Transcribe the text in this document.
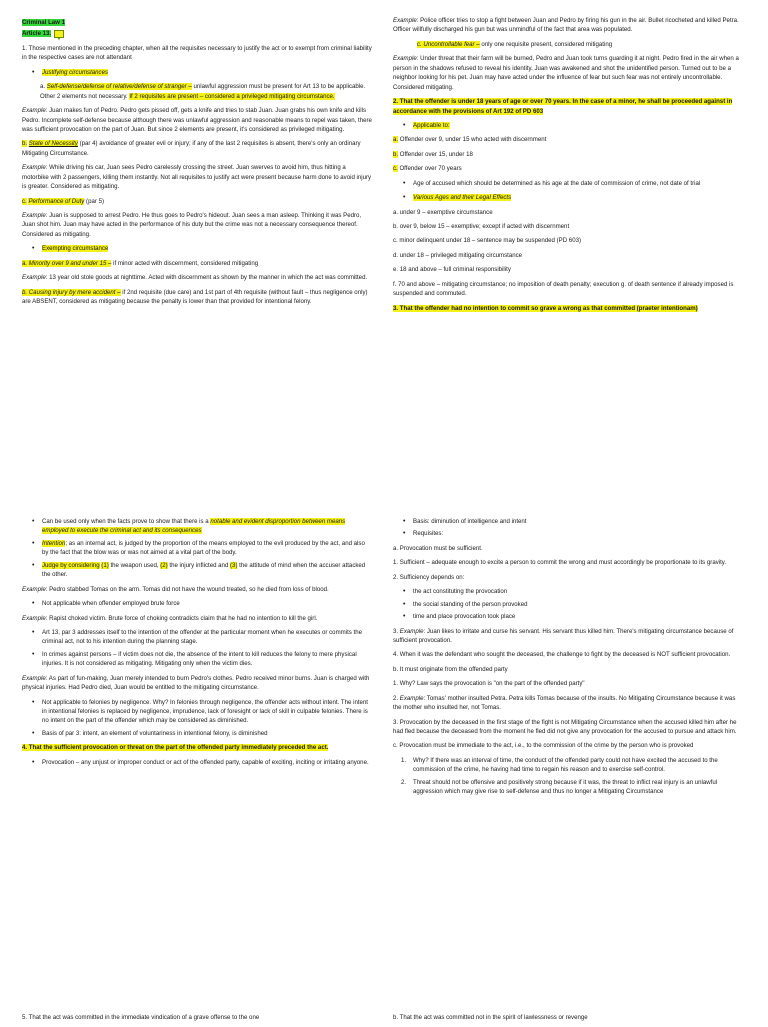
Criminal Law 1

Article 13.

1. Those mentioned in the preceding chapter, when all the requisites necessary to justify the act or to exempt from criminal liability in the respective cases are not attendant

• Justifying circumstances

a. Self-defense/defense of relative/defense of stranger – unlawful aggression must be present for Art 13 to be applicable. Other 2 elements not necessary. If 2 requisites are present – considered a privileged mitigating circumstance.

Example: Juan makes fun of Pedro. Pedro gets pissed off, gets a knife and tries to stab Juan. Juan grabs his own knife and kills Pedro. Incomplete self-defense because although there was unlawful aggression and reasonable means to repel was taken, there was sufficient provocation on the part of Juan. But since 2 elements are present, it's considered as privileged mitigating.

b. State of Necessity (par 4) avoidance of greater evil or injury; if any of the last 2 requisites is absent, there's only an ordinary Mitigating Circumstance.

Example: While driving his car, Juan sees Pedro carelessly crossing the street. Juan swerves to avoid him, thus hitting a motorbike with 2 passengers, killing them instantly. Not all requisites to justify act were present because harm done to avoid injury is greater. Considered as mitigating.

c. Performance of Duty (par 5)

Example: Juan is supposed to arrest Pedro. He thus goes to Pedro's hideout. Juan sees a man asleep. Thinking it was Pedro, Juan shot him. Juan may have acted in the performance of his duty but the crime was not a necessary consequence thereof. Considered as mitigating.

• Exempting circumstance

a. Minority over 9 and under 15 – if minor acted with discernment, considered mitigating

Example: 13 year old stole goods at nighttime. Acted with discernment as shown by the manner in which the act was committed.

b. Causing injury by mere accident – if 2nd requisite (due care) and 1st part of 4th requisite (without fault – thus negligence only) are ABSENT, considered as mitigating because the penalty is lower than that provided for intentional felony.

Example: Police officer tries to stop a fight between Juan and Pedro by firing his gun in the air. Bullet ricocheted and killed Petra. Officer willfully discharged his gun but was unmindful of the fact that area was populated.

c. Uncontrollable fear – only one requisite present, considered mitigating

Example: Under threat that their farm will be burned, Pedro and Juan took turns guarding it at night. Pedro fired in the air when a person in the shadows refused to reveal his identity. Juan was awakened and shot the unidentified person. Turned out to be a neighbor looking for his pet. Juan may have acted under the influence of fear but such fear was not entirely uncontrollable. Considered mitigating.

2. That the offender is under 18 years of age or over 70 years. In the case of a minor, he shall be proceeded against in accordance with the provisions of Art 192 of PD 603

• Applicable to:

a. Offender over 9, under 15 who acted with discernment

b. Offender over 15, under 18

c. Offender over 70 years

• Age of accused which should be determined as his age at the date of commission of crime, not date of trial
• Various Ages and their Legal Effects

a. under 9 – exemptive circumstance

b. over 9, below 15 – exemptive; except if acted with discernment

c. minor delinquent under 18 – sentence may be suspended (PD 603)

d. under 18 – privileged mitigating circumstance

e. 18 and above – full criminal responsibility

f. 70 and above – mitigating circumstance; no imposition of death penalty; execution g. of death sentence if already imposed is suspended and commuted.

3. That the offender had no intention to commit so grave a wrong as that committed (praeter intentionam)

• Can be used only when the facts prove to show that there is a notable and evident disproportion between means employed to execute the criminal act and its consequences
• Intention; as an internal act, is judged by the proportion of the means employed to the evil produced by the act, and also by the fact that the blow was or was not aimed at a vital part of the body.
• Judge by considering (1) the weapon used, (2) the injury inflicted and (3) the attitude of mind when the accuser attacked the other.

Example: Pedro stabbed Tomas on the arm. Tomas did not have the wound treated, so he died from loss of blood.

• Not applicable when offender employed brute force

Example: Rapist choked victim. Brute force of choking contradicts claim that he had no intention to kill the girl.

• Art 13, par 3 addresses itself to the intention of the offender at the particular moment when he executes or commits the criminal act, not to his intention during the planning stage.
• In crimes against persons – if victim does not die, the absence of the intent to kill reduces the felony to mere physical injuries. It is not considered as mitigating. Mitigating only when the victim dies.

Example: As part of fun-making, Juan merely intended to burn Pedro's clothes. Pedro received minor burns. Juan is charged with physical injuries. Had Pedro died, Juan would be entitled to the mitigating circumstance.

• Not applicable to felonies by negligence. Why? In felonies through negligence, the offender acts without intent. The intent in intentional felonies is replaced by negligence, imprudence, lack of foresight or lack of skill in culpable felonies. There is no intent on the part of the offender which may be considered as diminished.
• Basis of par 3: intent, an element of voluntariness in intentional felony, is diminished

4. That the sufficient provocation or threat on the part of the offended party immediately preceded the act.

• Provocation – any unjust or improper conduct or act of the offended party, capable of exciting, inciting or irritating anyone.
• Basis: diminution of intelligence and intent
• Requisites:

a. Provocation must be sufficient.

1. Sufficient – adequate enough to excite a person to commit the wrong and must accordingly be proportionate to its gravity.

2. Sufficiency depends on:

• the act constituting the provocation
• the social standing of the person provoked
• time and place provocation took place

3. Example: Juan likes to irritate and curse his servant. His servant thus killed him. There's mitigating circumstance because of sufficient provocation.

4. When it was the defendant who sought the deceased, the challenge to fight by the deceased is NOT sufficient provocation.

b. It must originate from the offended party

1. Why? Law says the provocation is "on the part of the offended party"

2. Example: Tomas' mother insulted Petra. Petra kills Tomas because of the insults. No Mitigating Circumstance because it was the mother who insulted her, not Tomas.

3. Provocation by the deceased in the first stage of the fight is not Mitigating Circumstance when the accused killed him after he had fled because the deceased from the moment he fled did not give any provocation for the accused to pursue and attack him.

c. Provocation must be immediate to the act, i.e., to the commission of the crime by the person who is provoked

1. Why? If there was an interval of time, the conduct of the offended party could not have excited the accused to the commission of the crime, he having had time to regain his reason and to exercise self-control.
2. Threat should not be offensive and positively strong because if it was, the threat to inflict real injury is an unlawful aggression which may give rise to self-defense and thus no longer a Mitigating Circumstance

5. That the act was committed in the immediate vindication of a grave offense to the one	b. That the act was committed not in the spirit of lawlessness or revenge
